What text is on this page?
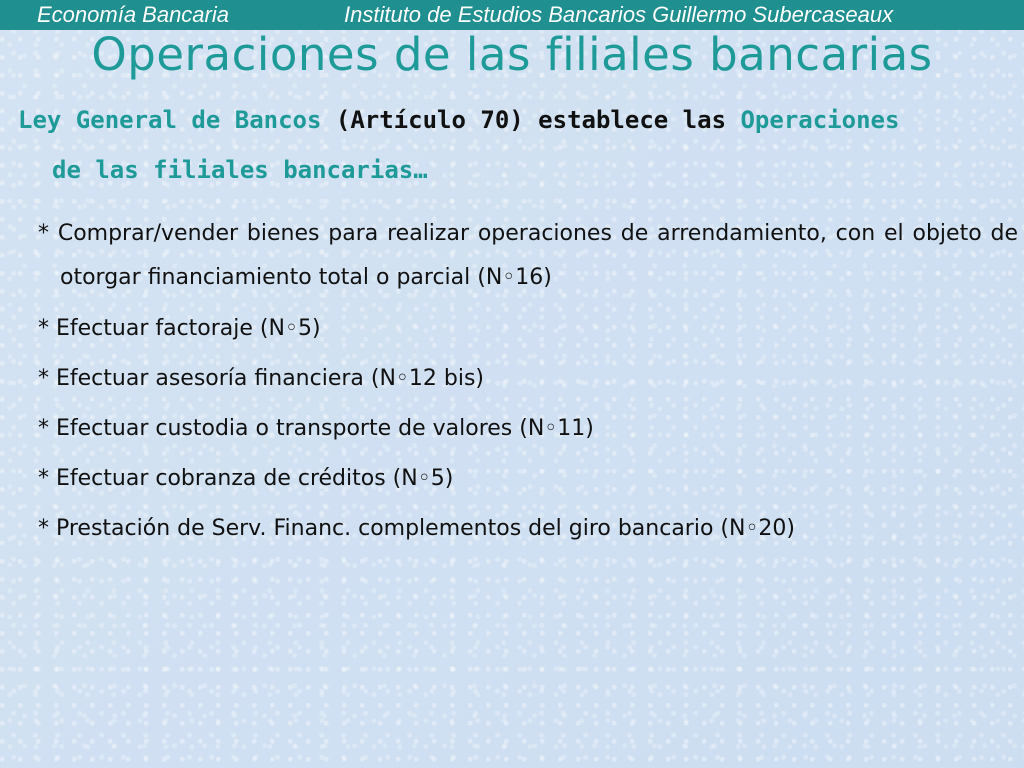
Economía Bancaria	Instituto de Estudios Bancarios Guillermo Subercaseaux
Operaciones de las filiales bancarias
Ley General de Bancos (Artículo 70) establece las Operaciones
de las filiales bancarias…
* Comprar/vender bienes para realizar operaciones de arrendamiento, con el objeto de otorgar financiamiento total o parcial (N◦16)
* Efectuar factoraje (N◦5)
* Efectuar asesoría financiera (N◦12 bis)
* Efectuar custodia o transporte de valores (N◦11)
* Efectuar cobranza de créditos (N◦5)
* Prestación de Serv. Financ. complementos del giro bancario (N◦20)
